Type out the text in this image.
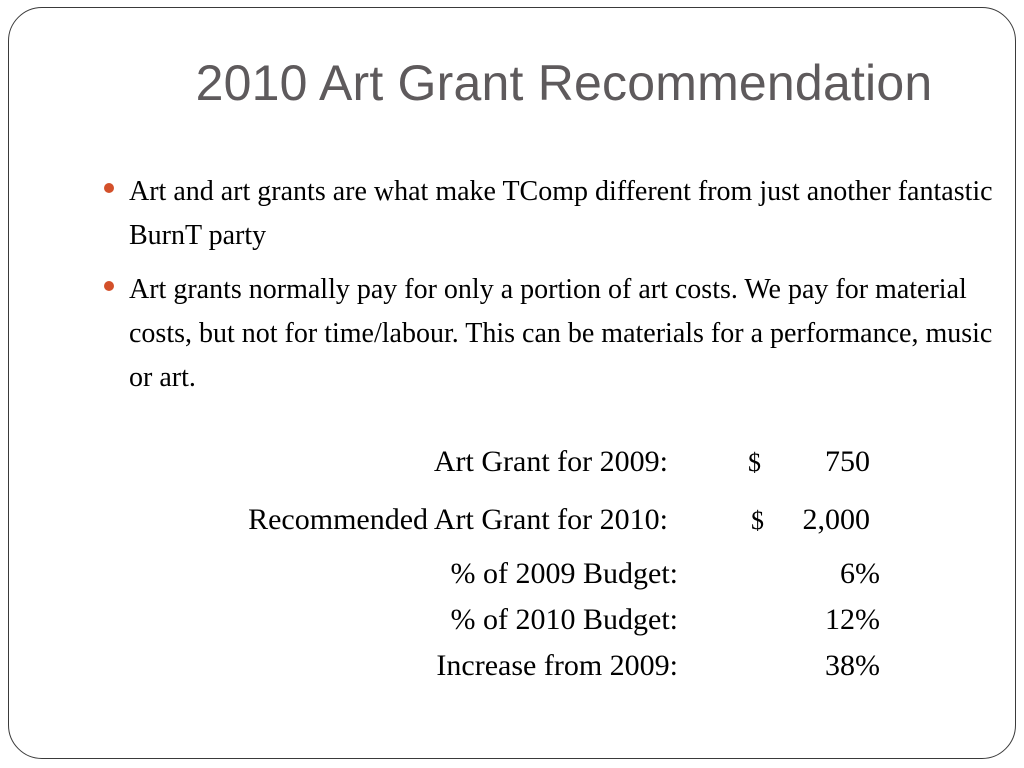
2010 Art Grant Recommendation
Art and art grants are what make TComp different from just another fantastic BurnT party
Art grants normally pay for only a portion of art costs. We pay for material costs, but not for time/labour. This can be materials for a performance, music or art.
Art Grant for 2009:	$ 750
Recommended Art Grant for 2010:	$ 2,000
% of 2009 Budget:	6%
% of 2010 Budget:	12%
Increase from 2009:	38%
